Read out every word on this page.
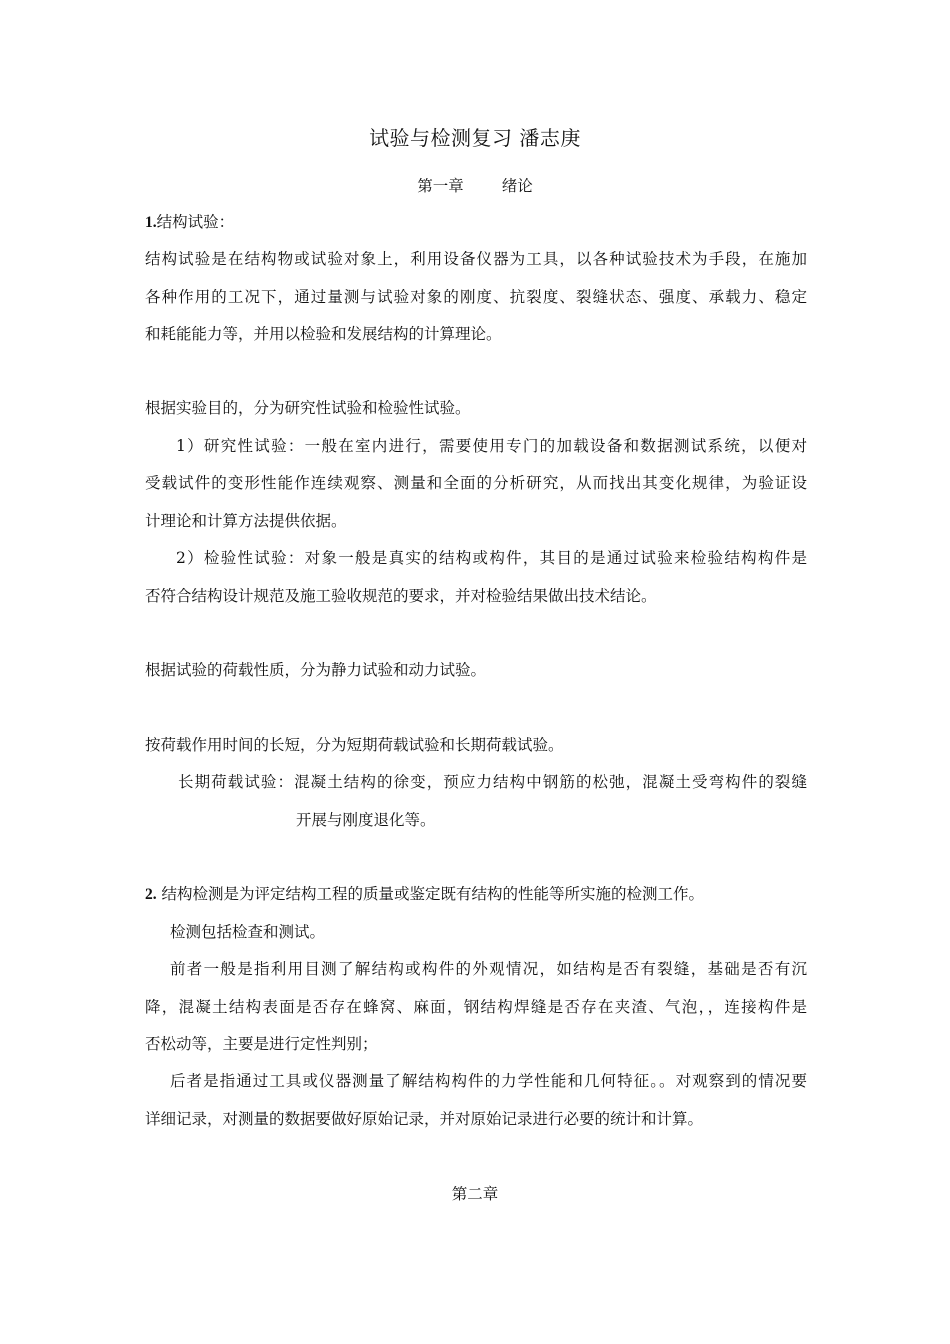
试验与检测复习 潘志庚
第一章 绪论
1.结构试验：
结构试验是在结构物或试验对象上，利用设备仪器为工具，以各种试验技术为手段，在施加
各种作用的工况下，通过量测与试验对象的刚度、抗裂度、裂缝状态、强度、承载力、稳定
和耗能能力等，并用以检验和发展结构的计算理论。
根据实验目的，分为研究性试验和检验性试验。
1）研究性试验：一般在室内进行，需要使用专门的加载设备和数据测试系统，以便对
受载试件的变形性能作连续观察、测量和全面的分析研究，从而找出其变化规律，为验证设
计理论和计算方法提供依据。
2）检验性试验：对象一般是真实的结构或构件，其目的是通过试验来检验结构构件是
否符合结构设计规范及施工验收规范的要求，并对检验结果做出技术结论。
根据试验的荷载性质，分为静力试验和动力试验。
按荷载作用时间的长短，分为短期荷载试验和长期荷载试验。
长期荷载试验：混凝土结构的徐变，预应力结构中钢筋的松弛，混凝土受弯构件的裂缝
开展与刚度退化等。
2. 结构检测是为评定结构工程的质量或鉴定既有结构的性能等所实施的检测工作。
检测包括检查和测试。
前者一般是指利用目测了解结构或构件的外观情况，如结构是否有裂缝，基础是否有沉
降，混凝土结构表面是否存在蜂窝、麻面，钢结构焊缝是否存在夹渣、气泡，，连接构件是
否松动等，主要是进行定性判别；
后者是指通过工具或仪器测量了解结构构件的力学性能和几何特征。。对观察到的情况要
详细记录，对测量的数据要做好原始记录，并对原始记录进行必要的统计和计算。
第二章
